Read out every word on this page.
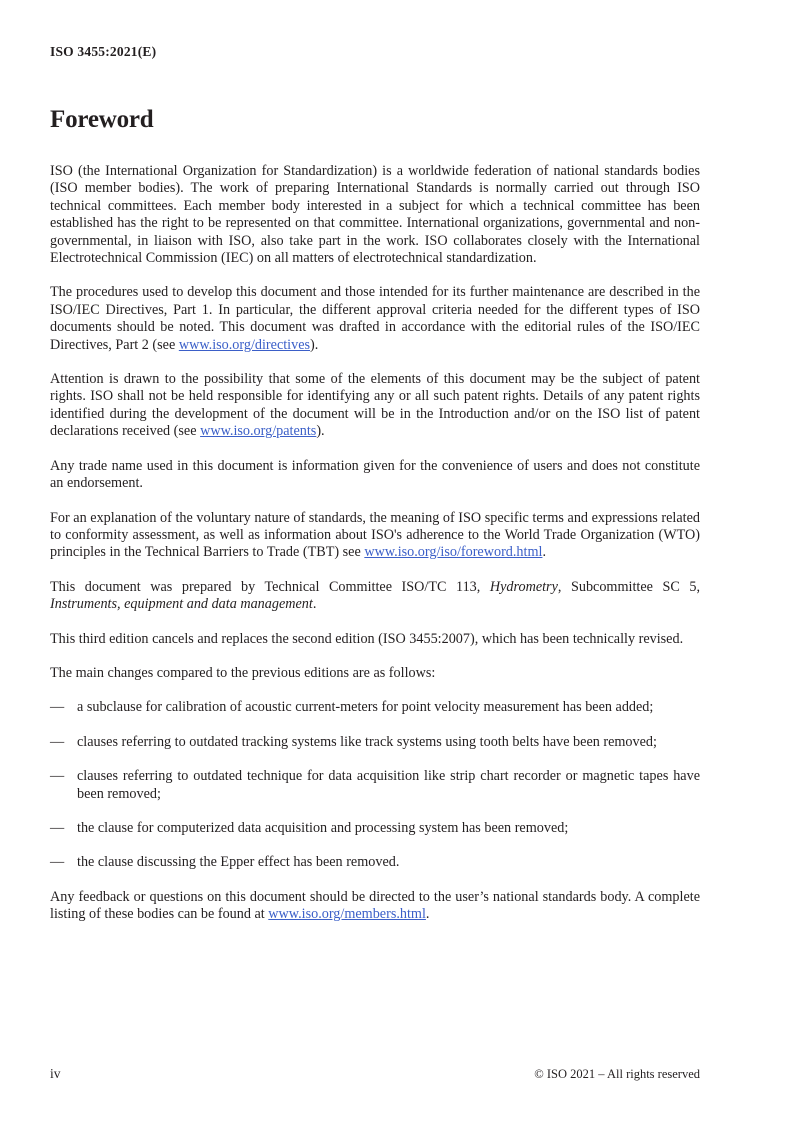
ISO 3455:2021(E)
Foreword

ISO (the International Organization for Standardization) is a worldwide federation of national standards bodies (ISO member bodies). The work of preparing International Standards is normally carried out through ISO technical committees. Each member body interested in a subject for which a technical committee has been established has the right to be represented on that committee. International organizations, governmental and non-governmental, in liaison with ISO, also take part in the work. ISO collaborates closely with the International Electrotechnical Commission (IEC) on all matters of electrotechnical standardization.

The procedures used to develop this document and those intended for its further maintenance are described in the ISO/IEC Directives, Part 1. In particular, the different approval criteria needed for the different types of ISO documents should be noted. This document was drafted in accordance with the editorial rules of the ISO/IEC Directives, Part 2 (see www.iso.org/directives).

Attention is drawn to the possibility that some of the elements of this document may be the subject of patent rights. ISO shall not be held responsible for identifying any or all such patent rights. Details of any patent rights identified during the development of the document will be in the Introduction and/or on the ISO list of patent declarations received (see www.iso.org/patents).

Any trade name used in this document is information given for the convenience of users and does not constitute an endorsement.

For an explanation of the voluntary nature of standards, the meaning of ISO specific terms and expressions related to conformity assessment, as well as information about ISO's adherence to the World Trade Organization (WTO) principles in the Technical Barriers to Trade (TBT) see www.iso.org/iso/foreword.html.

This document was prepared by Technical Committee ISO/TC 113, Hydrometry, Subcommittee SC 5, Instruments, equipment and data management.

This third edition cancels and replaces the second edition (ISO 3455:2007), which has been technically revised.

The main changes compared to the previous editions are as follows:

— a subclause for calibration of acoustic current-meters for point velocity measurement has been added;
— clauses referring to outdated tracking systems like track systems using tooth belts have been removed;
— clauses referring to outdated technique for data acquisition like strip chart recorder or magnetic tapes have been removed;
— the clause for computerized data acquisition and processing system has been removed;
— the clause discussing the Epper effect has been removed.

Any feedback or questions on this document should be directed to the user’s national standards body. A complete listing of these bodies can be found at www.iso.org/members.html.

iv	© ISO 2021 – All rights reserved
